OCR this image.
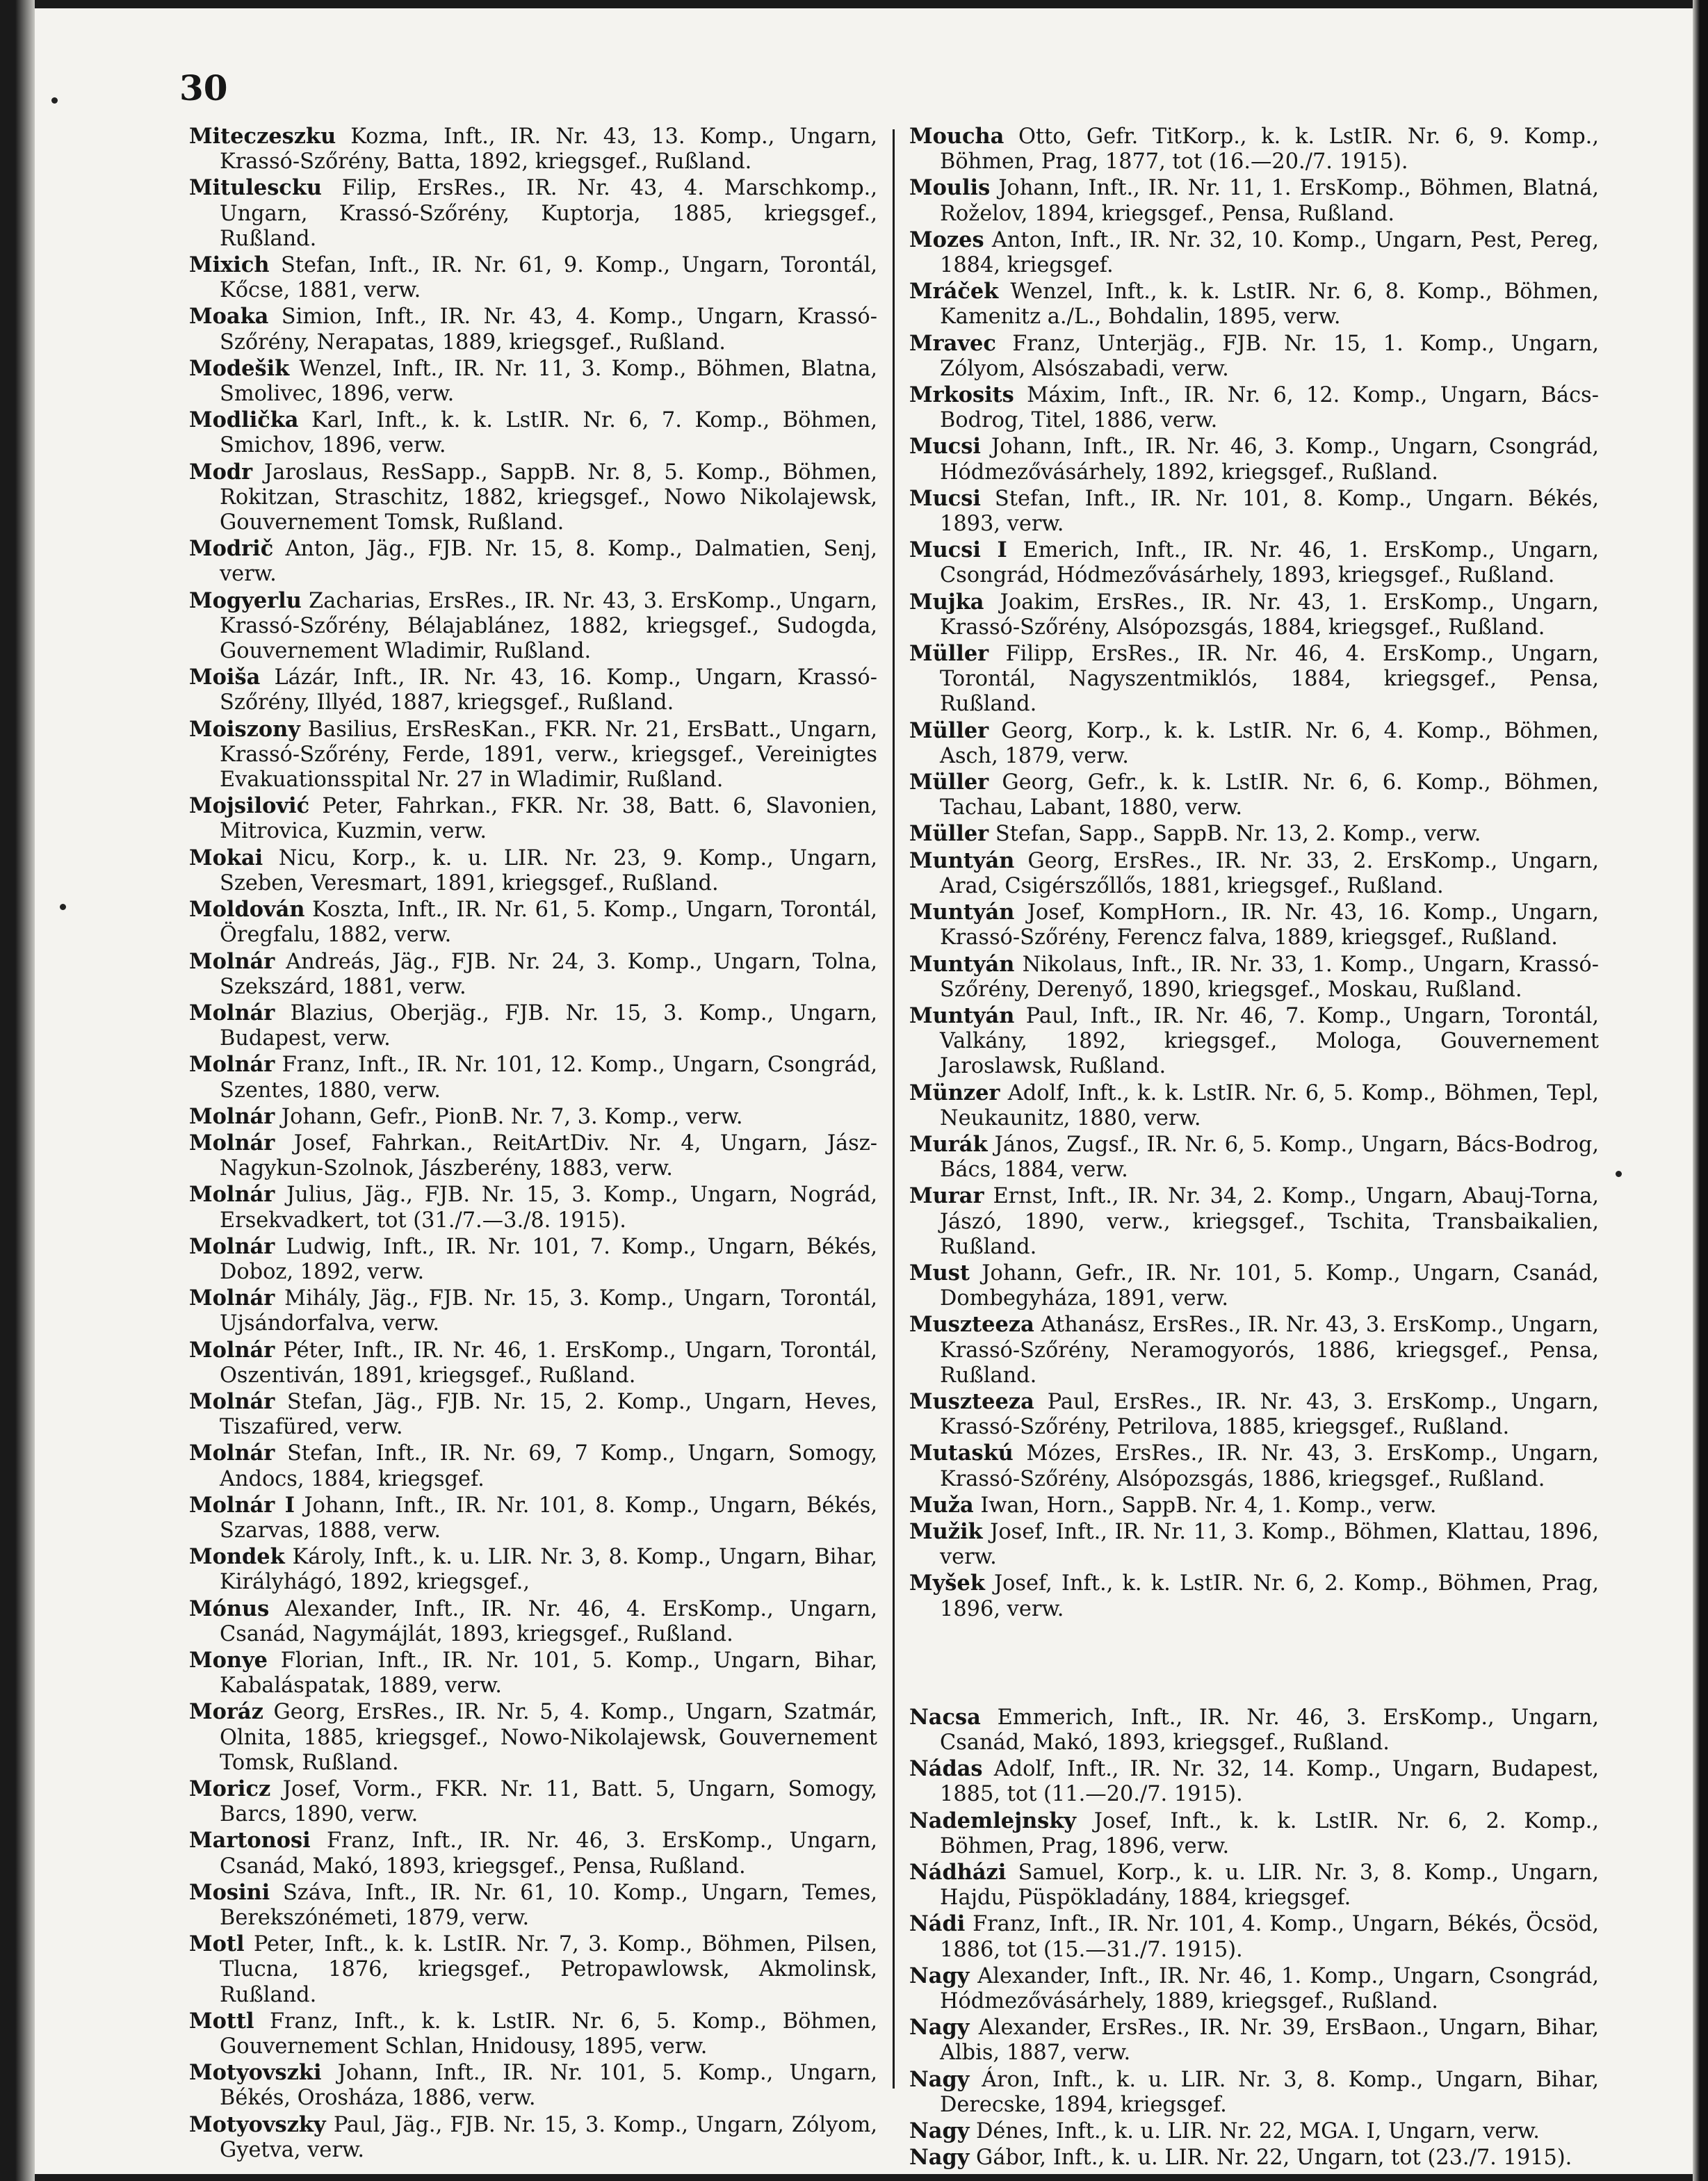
30

Miteczeszku Kozma, Inft., IR. Nr. 43, 13. Komp., Ungarn, Krassó-Szőrény, Batta, 1892, kriegsgef., Rußland.

Mitulescku Filip, ErsRes., IR. Nr. 43, 4. Marschkomp., Ungarn, Krassó-Szőrény, Kuptorja, 1885, kriegsgef., Rußland.

Mixich Stefan, Inft., IR. Nr. 61, 9. Komp., Ungarn, Torontál, Kőcse, 1881, verw.

Moaka Simion, Inft., IR. Nr. 43, 4. Komp., Ungarn, Krassó-Szőrény, Nerapatas, 1889, kriegsgef., Rußland.

Modešik Wenzel, Inft., IR. Nr. 11, 3. Komp., Böhmen, Blatna, Smolivec, 1896, verw.

Modlička Karl, Inft., k. k. LstIR. Nr. 6, 7. Komp., Böhmen, Smichov, 1896, verw.

Modr Jaroslaus, ResSapp., SappB. Nr. 8, 5. Komp., Böhmen, Rokitzan, Straschitz, 1882, kriegsgef., Nowo Nikolajewsk, Gouvernement Tomsk, Rußland.

Modrič Anton, Jäg., FJB. Nr. 15, 8. Komp., Dalmatien, Senj, verw.

Mogyerlu Zacharias, ErsRes., IR. Nr. 43, 3. ErsKomp., Ungarn, Krassó-Szőrény, Bélajablánez, 1882, kriegsgef., Sudogda, Gouvernement Wladimir, Rußland.

Moiša Lázár, Inft., IR. Nr. 43, 16. Komp., Ungarn, Krassó-Szőrény, Illyéd, 1887, kriegsgef., Rußland.

Moiszony Basilius, ErsResKan., FKR. Nr. 21, ErsBatt., Ungarn, Krassó-Szőrény, Ferde, 1891, verw., kriegsgef., Vereinigtes Evakuationsspital Nr. 27 in Wladimir, Rußland.

Mojsilović Peter, Fahrkan., FKR. Nr. 38, Batt. 6, Slavonien, Mitrovica, Kuzmin, verw.

Mokai Nicu, Korp., k. u. LIR. Nr. 23, 9. Komp., Ungarn, Szeben, Veresmart, 1891, kriegsgef., Rußland.

Moldován Koszta, Inft., IR. Nr. 61, 5. Komp., Ungarn, Torontál, Öregfalu, 1882, verw.

Molnár Andreás, Jäg., FJB. Nr. 24, 3. Komp., Ungarn, Tolna, Szekszárd, 1881, verw.

Molnár Blazius, Oberjäg., FJB. Nr. 15, 3. Komp., Ungarn, Budapest, verw.

Molnár Franz, Inft., IR. Nr. 101, 12. Komp., Ungarn, Csongrád, Szentes, 1880, verw.

Molnár Johann, Gefr., PionB. Nr. 7, 3. Komp., verw.

Molnár Josef, Fahrkan., ReitArtDiv. Nr. 4, Ungarn, Jász-Nagykun-Szolnok, Jászberény, 1883, verw.

Molnár Julius, Jäg., FJB. Nr. 15, 3. Komp., Ungarn, Nográd, Ersekvadkert, tot (31./7.—3./8. 1915).

Molnár Ludwig, Inft., IR. Nr. 101, 7. Komp., Ungarn, Békés, Doboz, 1892, verw.

Molnár Mihály, Jäg., FJB. Nr. 15, 3. Komp., Ungarn, Torontál, Ujsándorfalva, verw.

Molnár Péter, Inft., IR. Nr. 46, 1. ErsKomp., Ungarn, Torontál, Oszentiván, 1891, kriegsgef., Rußland.

Molnár Stefan, Jäg., FJB. Nr. 15, 2. Komp., Ungarn, Heves, Tiszafüred, verw.

Molnár Stefan, Inft., IR. Nr. 69, 7 Komp., Ungarn, Somogy, Andocs, 1884, kriegsgef.

Molnár I Johann, Inft., IR. Nr. 101, 8. Komp., Ungarn, Békés, Szarvas, 1888, verw.

Mondek Károly, Inft., k. u. LIR. Nr. 3, 8. Komp., Ungarn, Bihar, Királyhágó, 1892, kriegsgef.,

Mónus Alexander, Inft., IR. Nr. 46, 4. ErsKomp., Ungarn, Csanád, Nagymájlát, 1893, kriegsgef., Rußland.

Monye Florian, Inft., IR. Nr. 101, 5. Komp., Ungarn, Bihar, Kabaláspatak, 1889, verw.

Moráz Georg, ErsRes., IR. Nr. 5, 4. Komp., Ungarn, Szatmár, Olnita, 1885, kriegsgef., Nowo-Nikolajewsk, Gouvernement Tomsk, Rußland.

Moricz Josef, Vorm., FKR. Nr. 11, Batt. 5, Ungarn, Somogy, Barcs, 1890, verw.

Martonosi Franz, Inft., IR. Nr. 46, 3. ErsKomp., Ungarn, Csanád, Makó, 1893, kriegsgef., Pensa, Rußland.

Mosini Száva, Inft., IR. Nr. 61, 10. Komp., Ungarn, Temes, Berekszónémeti, 1879, verw.

Motl Peter, Inft., k. k. LstIR. Nr. 7, 3. Komp., Böhmen, Pilsen, Tlucna, 1876, kriegsgef., Petropawlowsk, Akmolinsk, Rußland.

Mottl Franz, Inft., k. k. LstIR. Nr. 6, 5. Komp., Böhmen, Gouvernement Schlan, Hnidousy, 1895, verw.

Motyovszki Johann, Inft., IR. Nr. 101, 5. Komp., Ungarn, Békés, Orosháza, 1886, verw.

Motyovszky Paul, Jäg., FJB. Nr. 15, 3. Komp., Ungarn, Zólyom, Gyetva, verw.

Moucha Otto, Gefr. TitKorp., k. k. LstIR. Nr. 6, 9. Komp., Böhmen, Prag, 1877, tot (16.—20./7. 1915).

Moulis Johann, Inft., IR. Nr. 11, 1. ErsKomp., Böhmen, Blatná, Roželov, 1894, kriegsgef., Pensa, Rußland.

Mozes Anton, Inft., IR. Nr. 32, 10. Komp., Ungarn, Pest, Pereg, 1884, kriegsgef.

Mráček Wenzel, Inft., k. k. LstIR. Nr. 6, 8. Komp., Böhmen, Kamenitz a./L., Bohdalin, 1895, verw.

Mravec Franz, Unterjäg., FJB. Nr. 15, 1. Komp., Ungarn, Zólyom, Alsószabadi, verw.

Mrkosits Máxim, Inft., IR. Nr. 6, 12. Komp., Ungarn, Bács-Bodrog, Titel, 1886, verw.

Mucsi Johann, Inft., IR. Nr. 46, 3. Komp., Ungarn, Csongrád, Hódmezővásárhely, 1892, kriegsgef., Rußland.

Mucsi Stefan, Inft., IR. Nr. 101, 8. Komp., Ungarn. Békés, 1893, verw.

Mucsi I Emerich, Inft., IR. Nr. 46, 1. ErsKomp., Ungarn, Csongrád, Hódmezővásárhely, 1893, kriegsgef., Rußland.

Mujka Joakim, ErsRes., IR. Nr. 43, 1. ErsKomp., Ungarn, Krassó-Szőrény, Alsópozsgás, 1884, kriegsgef., Rußland.

Müller Filipp, ErsRes., IR. Nr. 46, 4. ErsKomp., Ungarn, Torontál, Nagyszentmiklós, 1884, kriegsgef., Pensa, Rußland.

Müller Georg, Korp., k. k. LstIR. Nr. 6, 4. Komp., Böhmen, Asch, 1879, verw.

Müller Georg, Gefr., k. k. LstIR. Nr. 6, 6. Komp., Böhmen, Tachau, Labant, 1880, verw.

Müller Stefan, Sapp., SappB. Nr. 13, 2. Komp., verw.

Muntyán Georg, ErsRes., IR. Nr. 33, 2. ErsKomp., Ungarn, Arad, Csigérszőllős, 1881, kriegsgef., Rußland.

Muntyán Josef, KompHorn., IR. Nr. 43, 16. Komp., Ungarn, Krassó-Szőrény, Ferencz falva, 1889, kriegsgef., Rußland.

Muntyán Nikolaus, Inft., IR. Nr. 33, 1. Komp., Ungarn, Krassó-Szőrény, Derenyő, 1890, kriegsgef., Moskau, Rußland.

Muntyán Paul, Inft., IR. Nr. 46, 7. Komp., Ungarn, Torontál, Valkány, 1892, kriegsgef., Mologa, Gouvernement Jaroslawsk, Rußland.

Münzer Adolf, Inft., k. k. LstIR. Nr. 6, 5. Komp., Böhmen, Tepl, Neukaunitz, 1880, verw.

Murák János, Zugsf., IR. Nr. 6, 5. Komp., Ungarn, Bács-Bodrog, Bács, 1884, verw.

Murar Ernst, Inft., IR. Nr. 34, 2. Komp., Ungarn, Abauj-Torna, Jászó, 1890, verw., kriegsgef., Tschita, Transbaikalien, Rußland.

Must Johann, Gefr., IR. Nr. 101, 5. Komp., Ungarn, Csanád, Dombegyháza, 1891, verw.

Muszteeza Athanász, ErsRes., IR. Nr. 43, 3. ErsKomp., Ungarn, Krassó-Szőrény, Neramogyorós, 1886, kriegsgef., Pensa, Rußland.

Muszteeza Paul, ErsRes., IR. Nr. 43, 3. ErsKomp., Ungarn, Krassó-Szőrény, Petrilova, 1885, kriegsgef., Rußland.

Mutaskú Mózes, ErsRes., IR. Nr. 43, 3. ErsKomp., Ungarn, Krassó-Szőrény, Alsópozsgás, 1886, kriegsgef., Rußland.

Muža Iwan, Horn., SappB. Nr. 4, 1. Komp., verw.

Mužik Josef, Inft., IR. Nr. 11, 3. Komp., Böhmen, Klattau, 1896, verw.

Myšek Josef, Inft., k. k. LstIR. Nr. 6, 2. Komp., Böhmen, Prag, 1896, verw.

Nacsa Emmerich, Inft., IR. Nr. 46, 3. ErsKomp., Ungarn, Csanád, Makó, 1893, kriegsgef., Rußland.

Nádas Adolf, Inft., IR. Nr. 32, 14. Komp., Ungarn, Budapest, 1885, tot (11.—20./7. 1915).

Nademlejnsky Josef, Inft., k. k. LstIR. Nr. 6, 2. Komp., Böhmen, Prag, 1896, verw.

Nádházi Samuel, Korp., k. u. LIR. Nr. 3, 8. Komp., Ungarn, Hajdu, Püspökladány, 1884, kriegsgef.

Nádi Franz, Inft., IR. Nr. 101, 4. Komp., Ungarn, Békés, Öcsöd, 1886, tot (15.—31./7. 1915).

Nagy Alexander, Inft., IR. Nr. 46, 1. Komp., Ungarn, Csongrád, Hódmezővásárhely, 1889, kriegsgef., Rußland.

Nagy Alexander, ErsRes., IR. Nr. 39, ErsBaon., Ungarn, Bihar, Albis, 1887, verw.

Nagy Áron, Inft., k. u. LIR. Nr. 3, 8. Komp., Ungarn, Bihar, Derecske, 1894, kriegsgef.

Nagy Dénes, Inft., k. u. LIR. Nr. 22, MGA. I, Ungarn, verw.

Nagy Gábor, Inft., k. u. LIR. Nr. 22, Ungarn, tot (23./7. 1915).
